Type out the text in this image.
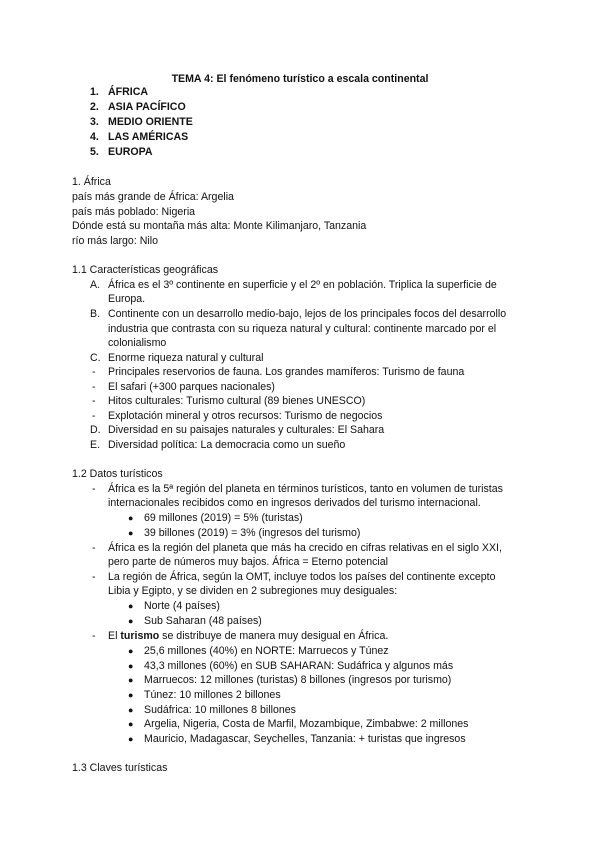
TEMA 4: El fenómeno turístico a escala continental
1. ÁFRICA
2. ASIA PACÍFICO
3. MEDIO ORIENTE
4. LAS AMÉRICAS
5. EUROPA
1. África
país más grande de África: Argelia
país más poblado: Nigeria
Dónde está su montaña más alta: Monte Kilimanjaro, Tanzania
río más largo: Nilo
1.1 Características geográficas
A. África es el 3º continente en superficie y el 2º en población. Triplica la superficie de
Europa.
B. Continente con un desarrollo medio-bajo, lejos de los principales focos del desarrollo
industria que contrasta con su riqueza natural y cultural: continente marcado por el
colonialismo
C. Enorme riqueza natural y cultural
- Principales reservorios de fauna. Los grandes mamíferos: Turismo de fauna
- El safari (+300 parques nacionales)
- Hitos culturales: Turismo cultural (89 bienes UNESCO)
- Explotación mineral y otros recursos: Turismo de negocios
D. Diversidad en su paisajes naturales y culturales: El Sahara
E. Diversidad política: La democracia como un sueño
1.2 Datos turísticos
- África es la 5ª región del planeta en términos turísticos, tanto en volumen de turistas
internacionales recibidos como en ingresos derivados del turismo internacional.
● 69 millones (2019) = 5% (turistas)
● 39 billones (2019) = 3% (ingresos del turismo)
- África es la región del planeta que más ha crecido en cifras relativas en el siglo XXI,
pero parte de números muy bajos. África = Eterno potencial
- La región de África, según la OMT, incluye todos los países del continente excepto
Libia y Egipto, y se dividen en 2 subregiones muy desiguales:
● Norte (4 países)
● Sub Saharan (48 países)
- El turismo se distribuye de manera muy desigual en África.
● 25,6 millones (40%) en NORTE: Marruecos y Túnez
● 43,3 millones (60%) en SUB SAHARAN: Sudáfrica y algunos más
● Marruecos: 12 millones (turistas) 8 billones (ingresos por turismo)
● Túnez: 10 millones 2 billones
● Sudáfrica: 10 millones 8 billones
● Argelia, Nigeria, Costa de Marfil, Mozambique, Zimbabwe: 2 millones
● Mauricio, Madagascar, Seychelles, Tanzania: + turistas que ingresos
1.3 Claves turísticas
